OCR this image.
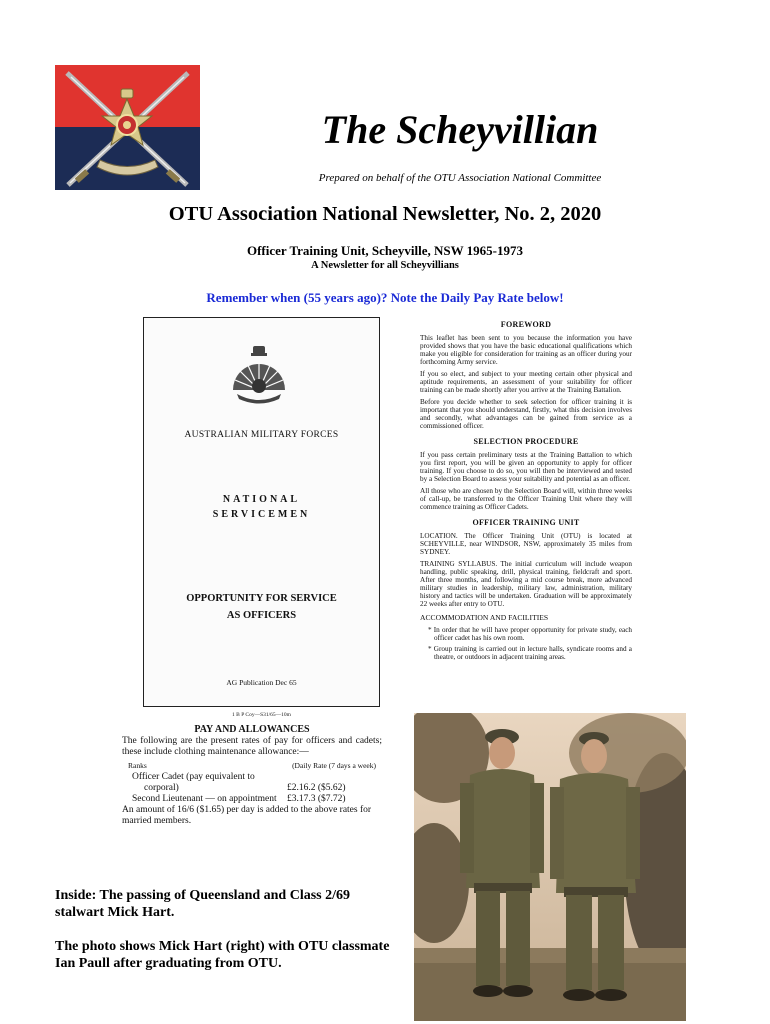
The Scheyvillian
Prepared on behalf of the OTU Association National Committee
OTU Association National Newsletter, No. 2, 2020
Officer Training Unit, Scheyville, NSW 1965-1973
A Newsletter for all Scheyvillians
Remember when (55 years ago)? Note the Daily Pay Rate below!
AUSTRALIAN MILITARY FORCES
NATIONAL
SERVICEMEN
OPPORTUNITY FOR SERVICE
AS OFFICERS
AG Publication Dec 65
1 B P Coy—S31/65—10m
PAY AND ALLOWANCES
The following are the present rates of pay for officers and cadets; these include clothing maintenance allowance:—
Ranks	(Daily Rate (7 days a week)
Officer Cadet (pay equivalent to
corporal)	£2.16.2 ($5.62)
Second Lieutenant — on appointment £3.17.3 ($7.72)
An amount of 16/6 ($1.65) per day is added to the above rates for married members.
FOREWORD
This leaflet has been sent to you because the information you have provided shows that you have the basic educational qualifications which make you eligible for consideration for training as an officer during your forthcoming Army service.
If you so elect, and subject to your meeting certain other physical and aptitude requirements, an assessment of your suitability for officer training can be made shortly after you arrive at the Training Battalion.
Before you decide whether to seek selection for officer training it is important that you should understand, firstly, what this decision involves and secondly, what advantages can be gained from service as a commissioned officer.
SELECTION PROCEDURE
If you pass certain preliminary tests at the Training Battalion to which you first report, you will be given an opportunity to apply for officer training. If you choose to do so, you will then be interviewed and tested by a Selection Board to assess your suitability and potential as an officer.
All those who are chosen by the Selection Board will, within three weeks of call-up, be transferred to the Officer Training Unit where they will commence training as Officer Cadets.
OFFICER TRAINING UNIT
LOCATION. The Officer Training Unit (OTU) is located at SCHEYVILLE, near WINDSOR, NSW, approximately 35 miles from SYDNEY.
TRAINING SYLLABUS. The initial curriculum will include weapon handling, public speaking, drill, physical training, fieldcraft and sport. After three months, and following a mid course break, more advanced military studies in leadership, military law, administration, military history and tactics will be undertaken. Graduation will be approximately 22 weeks after entry to OTU.
ACCOMMODATION AND FACILITIES
* In order that he will have proper opportunity for private study, each officer cadet has his own room.
* Group training is carried out in lecture halls, syndicate rooms and a theatre, or outdoors in adjacent training areas.
Inside: The passing of Queensland and Class 2/69 stalwart Mick Hart.
The photo shows Mick Hart (right) with OTU classmate Ian Paull after graduating from OTU.
